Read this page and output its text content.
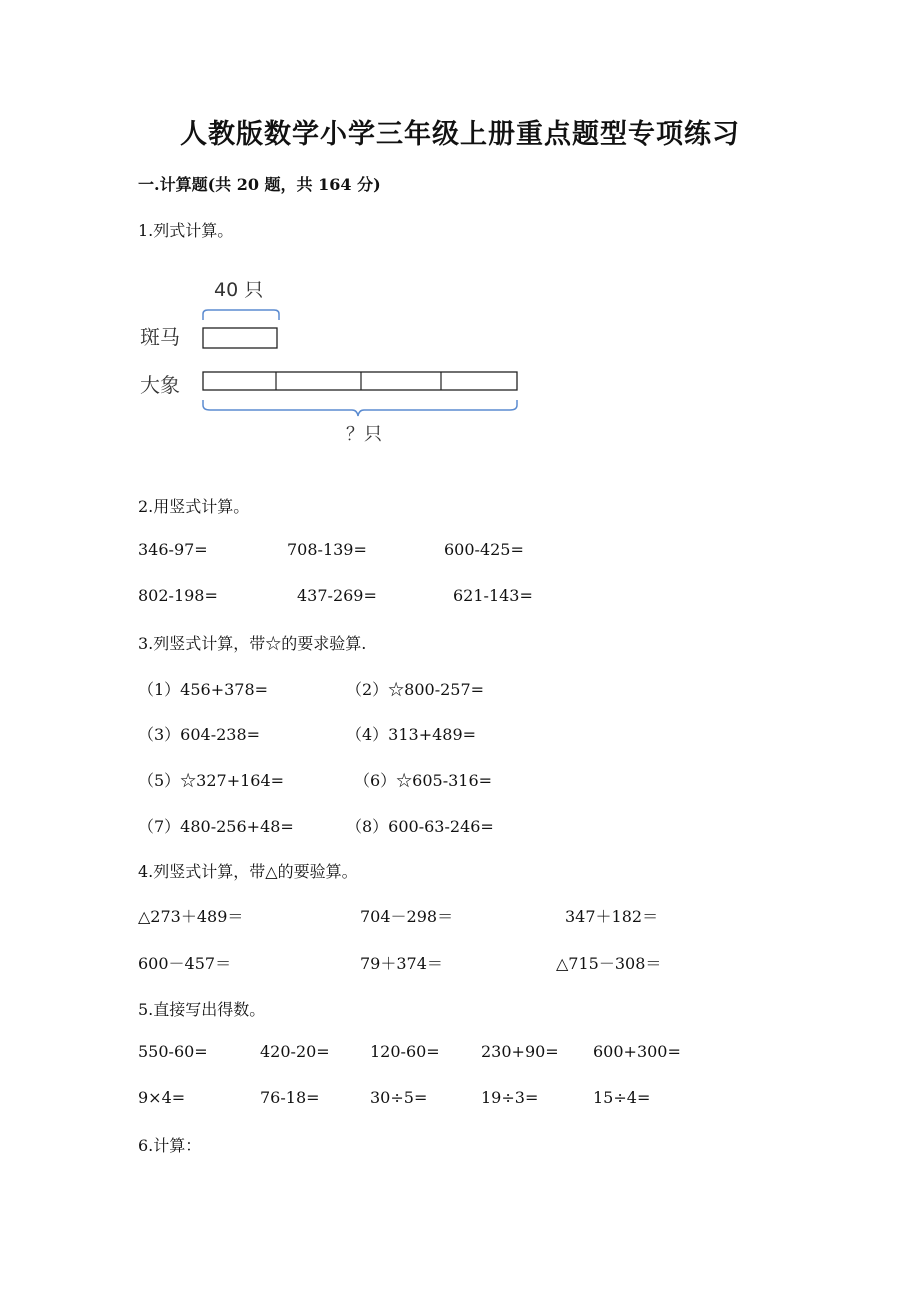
人教版数学小学三年级上册重点题型专项练习
一.计算题(共 20 题，共 164 分)
1.列式计算。
40 只
斑马
大象
？只
2.用竖式计算。
346-97=	708-139=	600-425=
802-198=	437-269=	621-143=
3.列竖式计算，带☆的要求验算.
（1）456+378=	（2）☆800-257=
（3）604-238=	（4）313+489=
（5）☆327+164=	（6）☆605-316=
（7）480-256+48=	（8）600-63-246=
4.列竖式计算，带△的要验算。
△273＋489＝	704－298＝	347＋182＝
600－457＝	79＋374＝	△715－308＝
5.直接写出得数。
550-60=	420-20=	120-60=	230+90= 600+300=
9×4=	76-18=	30÷5=	19÷3=	15÷4=
6.计算：
